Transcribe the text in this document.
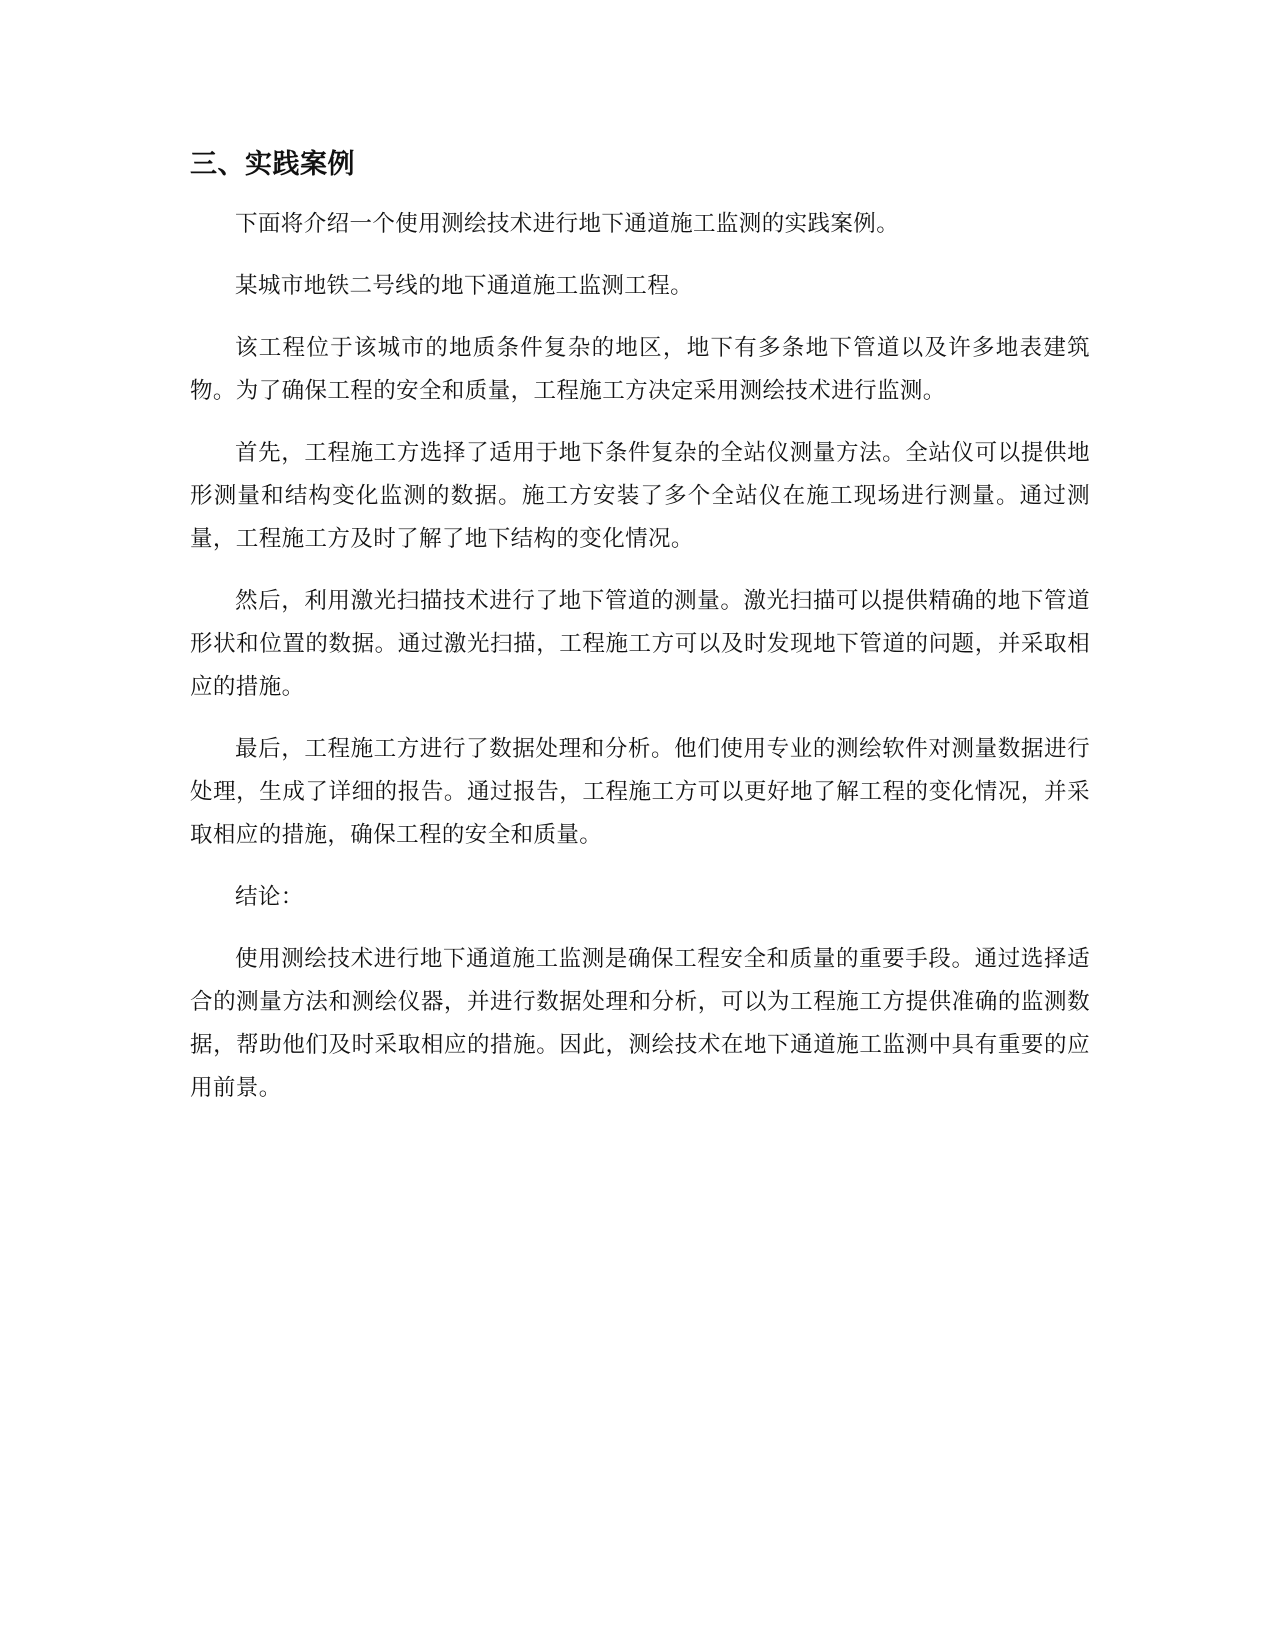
三、实践案例

下面将介绍一个使用测绘技术进行地下通道施工监测的实践案例。

某城市地铁二号线的地下通道施工监测工程。

该工程位于该城市的地质条件复杂的地区，地下有多条地下管道以及许多地表建筑物。为了确保工程的安全和质量，工程施工方决定采用测绘技术进行监测。

首先，工程施工方选择了适用于地下条件复杂的全站仪测量方法。全站仪可以提供地形测量和结构变化监测的数据。施工方安装了多个全站仪在施工现场进行测量。通过测量，工程施工方及时了解了地下结构的变化情况。

然后，利用激光扫描技术进行了地下管道的测量。激光扫描可以提供精确的地下管道形状和位置的数据。通过激光扫描，工程施工方可以及时发现地下管道的问题，并采取相应的措施。

最后，工程施工方进行了数据处理和分析。他们使用专业的测绘软件对测量数据进行处理，生成了详细的报告。通过报告，工程施工方可以更好地了解工程的变化情况，并采取相应的措施，确保工程的安全和质量。

结论：

使用测绘技术进行地下通道施工监测是确保工程安全和质量的重要手段。通过选择适合的测量方法和测绘仪器，并进行数据处理和分析，可以为工程施工方提供准确的监测数据，帮助他们及时采取相应的措施。因此，测绘技术在地下通道施工监测中具有重要的应用前景。
